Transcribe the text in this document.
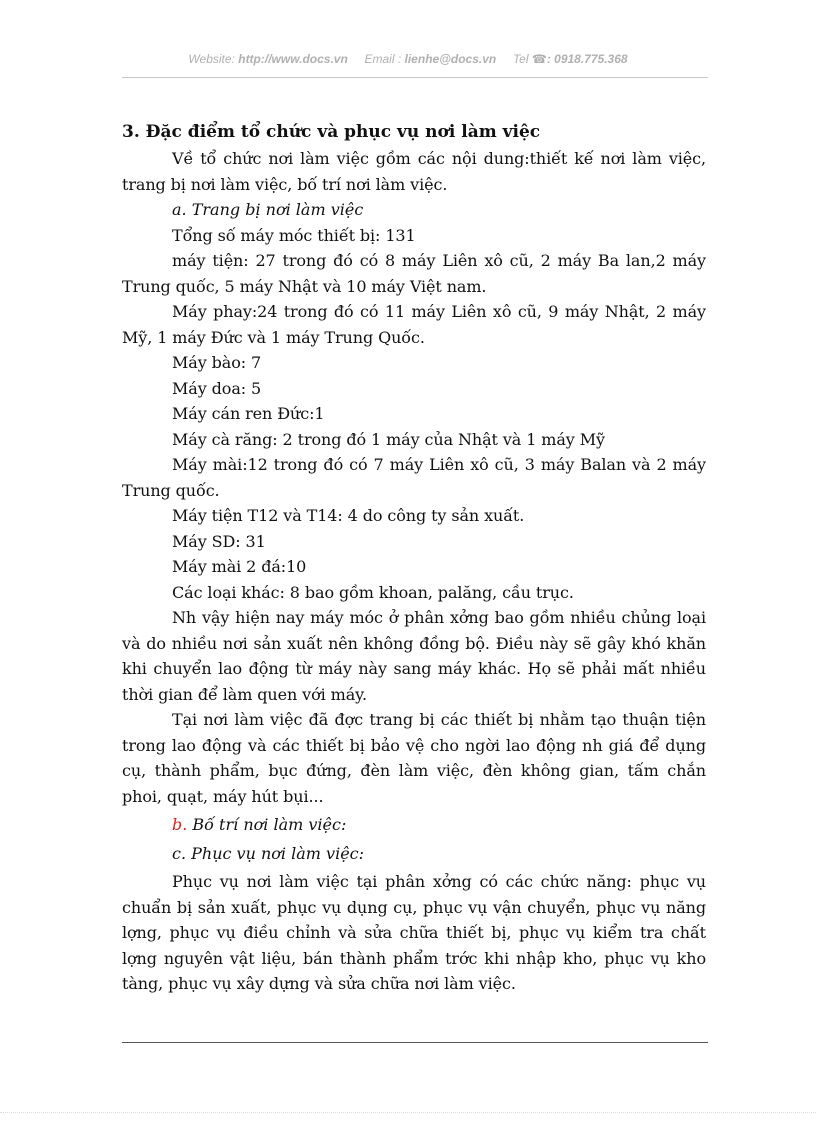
Website: http://www.docs.vn Email : lienhe@docs.vn Tel ☎: 0918.775.368

3. Đặc điểm tổ chức và phục vụ nơi làm việc

Về tổ chức nơi làm việc gồm các nội dung:thiết kế nơi làm việc, trang bị nơi làm việc, bố trí nơi làm việc.

a. Trang bị nơi làm việc

Tổng số máy móc thiết bị: 131

máy tiện: 27 trong đó có 8 máy Liên xô cũ, 2 máy Ba lan,2 máy Trung quốc, 5 máy Nhật và 10 máy Việt nam.

Máy phay:24 trong đó có 11 máy Liên xô cũ, 9 máy Nhật, 2 máy Mỹ, 1 máy Đức và 1 máy Trung Quốc.

Máy bào: 7

Máy doa: 5

Máy cán ren Đức:1

Máy cà răng: 2 trong đó 1 máy của Nhật và 1 máy Mỹ

Máy mài:12 trong đó có 7 máy Liên xô cũ, 3 máy Balan và 2 máy Trung quốc.

Máy tiện T12 và T14: 4 do công ty sản xuất.

Máy SD: 31

Máy mài 2 đá:10

Các loại khác: 8 bao gồm khoan, palăng, cầu trục.

Nh vậy hiện nay máy móc ở phân xởng bao gồm nhiều chủng loại và do nhiều nơi sản xuất nên không đồng bộ. Điều này sẽ gây khó khăn khi chuyển lao động từ máy này sang máy khác. Họ sẽ phải mất nhiều thời gian để làm quen với máy.

Tại nơi làm việc đã đợc trang bị các thiết bị nhằm tạo thuận tiện trong lao động và các thiết bị bảo vệ cho ngời lao động nh giá để dụng cụ, thành phẩm, bục đứng, đèn làm việc, đèn không gian, tấm chắn phoi, quạt, máy hút bụi...

b. Bố trí nơi làm việc:

c. Phục vụ nơi làm việc:

Phục vụ nơi làm việc tại phân xởng có các chức năng: phục vụ chuẩn bị sản xuất, phục vụ dụng cụ, phục vụ vận chuyển, phục vụ năng lợng, phục vụ điều chỉnh và sửa chữa thiết bị, phục vụ kiểm tra chất lợng nguyên vật liệu, bán thành phẩm trớc khi nhập kho, phục vụ kho tàng, phục vụ xây dựng và sửa chữa nơi làm việc.
